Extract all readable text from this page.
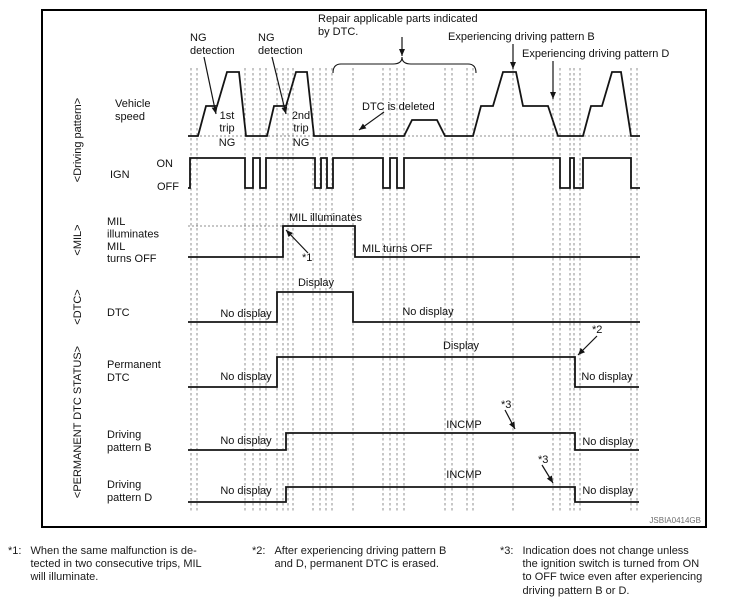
NG detection
NG detection
Repair applicable parts indicated by DTC.	Experiencing driving pattern B
Experiencing driving pattern D
DTC is deleted
<Driving pattern>
<MIL>
<DTC>
<PERMANENT DTC STATUS>
Vehicle speed
IGN
ON
OFF
MIL illuminates MIL turns OFF
DTC
Permanent DTC
Driving pattern B
Driving pattern D
1st trip
NG
2nd trip
NG
MIL illuminates
MIL turns OFF
*1
No display
Display
No display
No display
Display
*2
No display
No display
INCMP
*3
No display
No display
INCMP
*3
No display
JSBIA0414GB
*1: When the same malfunction is de-
tected in two consecutive trips, MIL
will illuminate.
*2: After experiencing driving pattern B
and D, permanent DTC is erased.
*3: Indication does not change unless
the ignition switch is turned from ON
to OFF twice even after experiencing
driving pattern B or D.
